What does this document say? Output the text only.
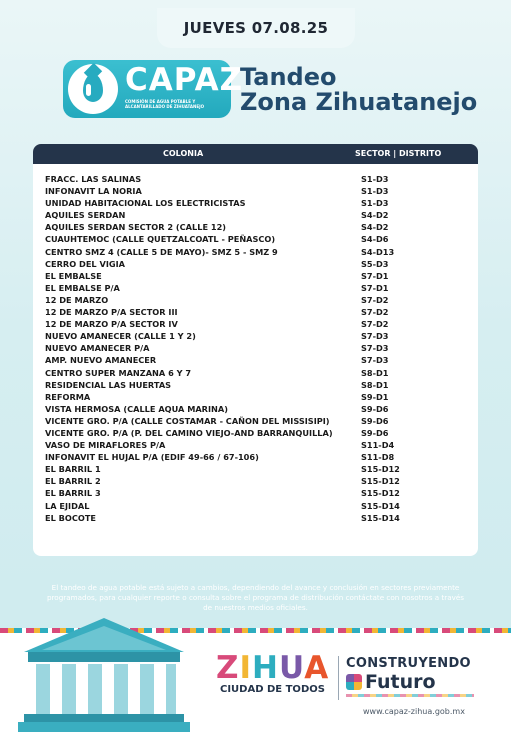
JUEVES 07.08.25
CAPAZ
COMISIÓN DE AGUA POTABLE Y ALCANTARILLADO DE ZIHUATANEJO
Tandeo
Zona Zihuatanejo
COLONIA	SECTOR | DISTRITO
FRACC. LAS SALINAS	S1-D3
INFONAVIT LA NORIA	S1-D3
UNIDAD HABITACIONAL LOS ELECTRICISTAS	S1-D3
AQUILES SERDAN	S4-D2
AQUILES SERDAN SECTOR 2 (CALLE 12)	S4-D2
CUAUHTEMOC (CALLE QUETZALCOATL - PEÑASCO)	S4-D6
CENTRO SMZ 4 (CALLE 5 DE MAYO)- SMZ 5 - SMZ 9	S4-D13
CERRO DEL VIGIA	S5-D3
EL EMBALSE	S7-D1
EL EMBALSE P/A	S7-D1
12 DE MARZO	S7-D2
12 DE MARZO P/A SECTOR III	S7-D2
12 DE MARZO P/A SECTOR IV	S7-D2
NUEVO AMANECER (CALLE 1 Y 2)	S7-D3
NUEVO AMANECER P/A	S7-D3
AMP. NUEVO AMANECER	S7-D3
CENTRO SUPER MANZANA 6 Y 7	S8-D1
RESIDENCIAL LAS HUERTAS	S8-D1
REFORMA	S9-D1
VISTA HERMOSA (CALLE AQUA MARINA)	S9-D6
VICENTE GRO. P/A (CALLE COSTAMAR - CAÑON DEL MISSISIPI)	S9-D6
VICENTE GRO. P/A (P. DEL CAMINO VIEJO-AND BARRANQUILLA)	S9-D6
VASO DE MIRAFLORES P/A	S11-D4
INFONAVIT EL HUJAL P/A (EDIF 49-66 / 67-106)	S11-D8
EL BARRIL 1	S15-D12
EL BARRIL 2	S15-D12
EL BARRIL 3	S15-D12
LA EJIDAL	S15-D14
EL BOCOTE	S15-D14
El tandeo de agua potable está sujeto a cambios, dependiendo del avance y conclusión en sectores previamente programados, para cualquier reporte o consulta sobre el programa de distribución contáctate con nosotros a través de nuestros medios oficiales.
ZIHUA
CIUDAD DE TODOS
CONSTRUYENDO
Futuro
www.capaz-zihua.gob.mx
